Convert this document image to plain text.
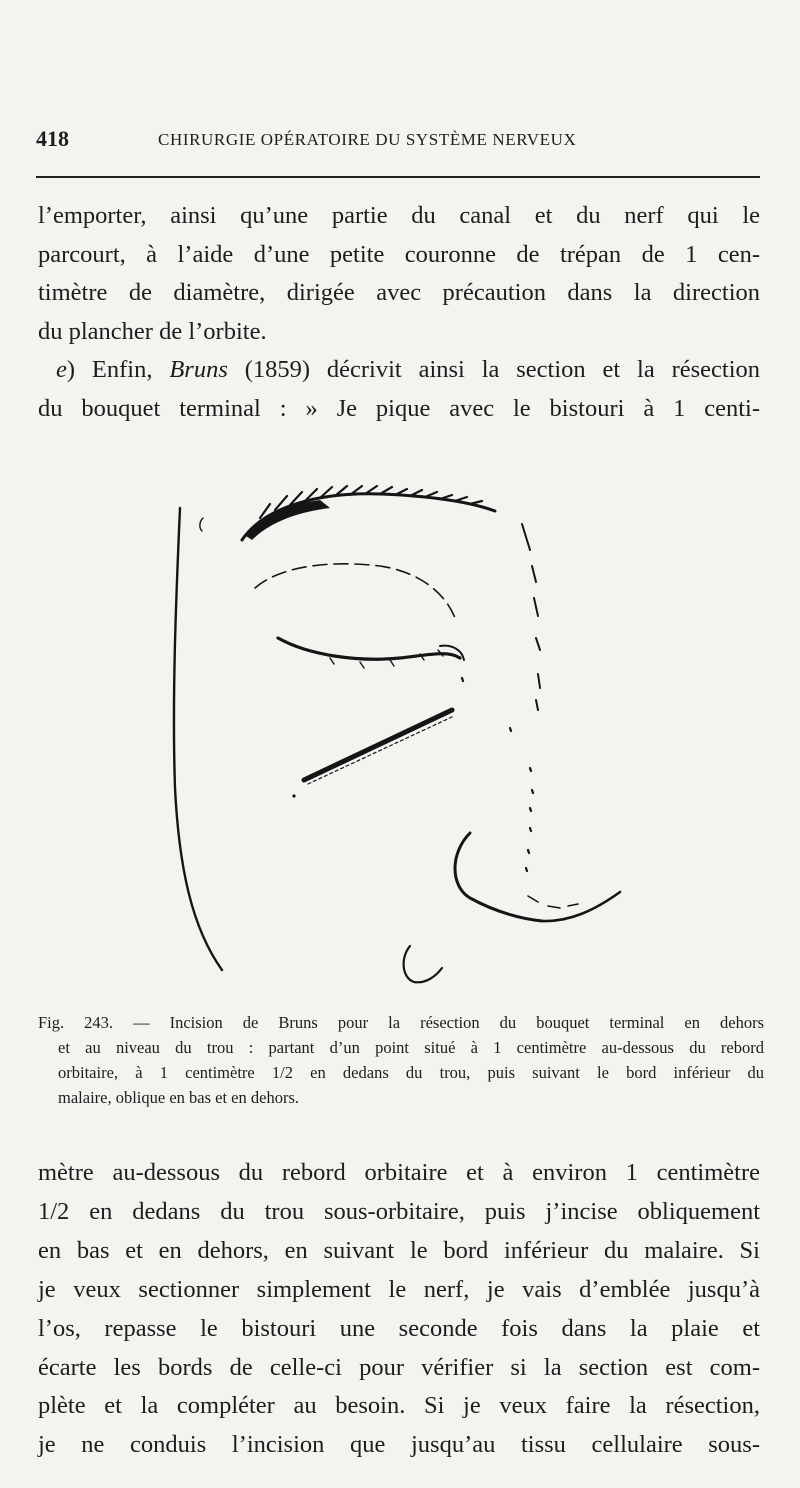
418	CHIRURGIE OPÉRATOIRE DU SYSTÈME NERVEUX
l’emporter, ainsi qu’une partie du canal et du nerf qui le
parcourt, à l’aide d’une petite couronne de trépan de 1 cen-
timètre de diamètre, dirigée avec précaution dans la direction
du plancher de l’orbite.
e) Enfin, Bruns (1859) décrivit ainsi la section et la résection
du bouquet terminal : » Je pique avec le bistouri à 1 centi-
Fig. 243. — Incision de Bruns pour la résection du bouquet terminal en dehors
et au niveau du trou : partant d’un point situé à 1 centimètre au-dessous du rebord
orbitaire, à 1 centimètre 1/2 en dedans du trou, puis suivant le bord inférieur du
malaire, oblique en bas et en dehors.
mètre au-dessous du rebord orbitaire et à environ 1 centimètre
1/2 en dedans du trou sous-orbitaire, puis j’incise obliquement
en bas et en dehors, en suivant le bord inférieur du malaire. Si
je veux sectionner simplement le nerf, je vais d’emblée jusqu’à
l’os, repasse le bistouri une seconde fois dans la plaie et
écarte les bords de celle-ci pour vérifier si la section est com-
plète et la compléter au besoin. Si je veux faire la résection,
je ne conduis l’incision que jusqu’au tissu cellulaire sous-
